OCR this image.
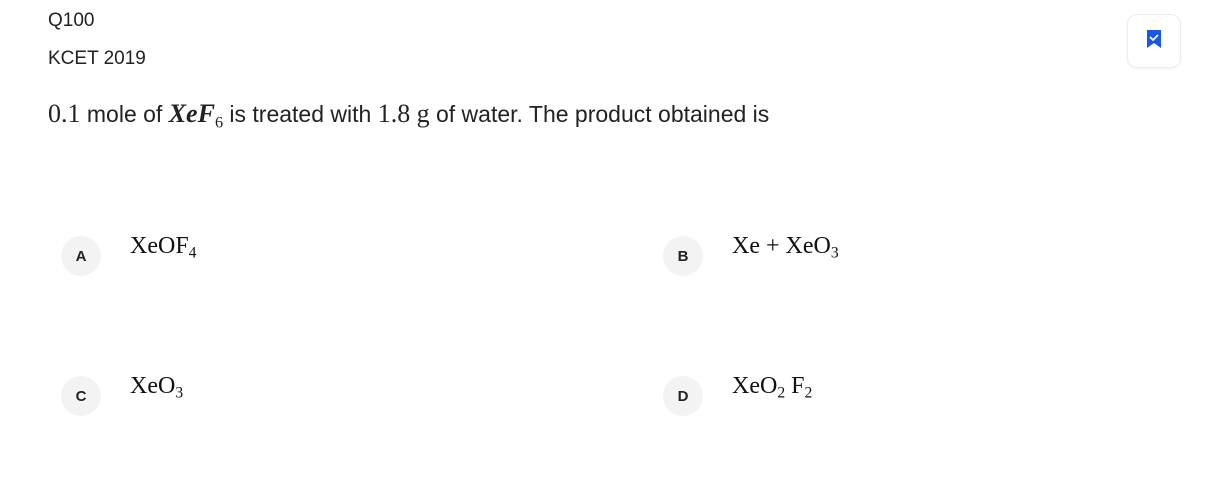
Q100
KCET 2019
0.1 mole of XeF$_6$ is treated with 1.8 g of water. The product obtained is
A	XeOF$_4$	B	Xe + XeO$_3$
C	XeO$_3$	D	XeO$_2$ $F_2$
